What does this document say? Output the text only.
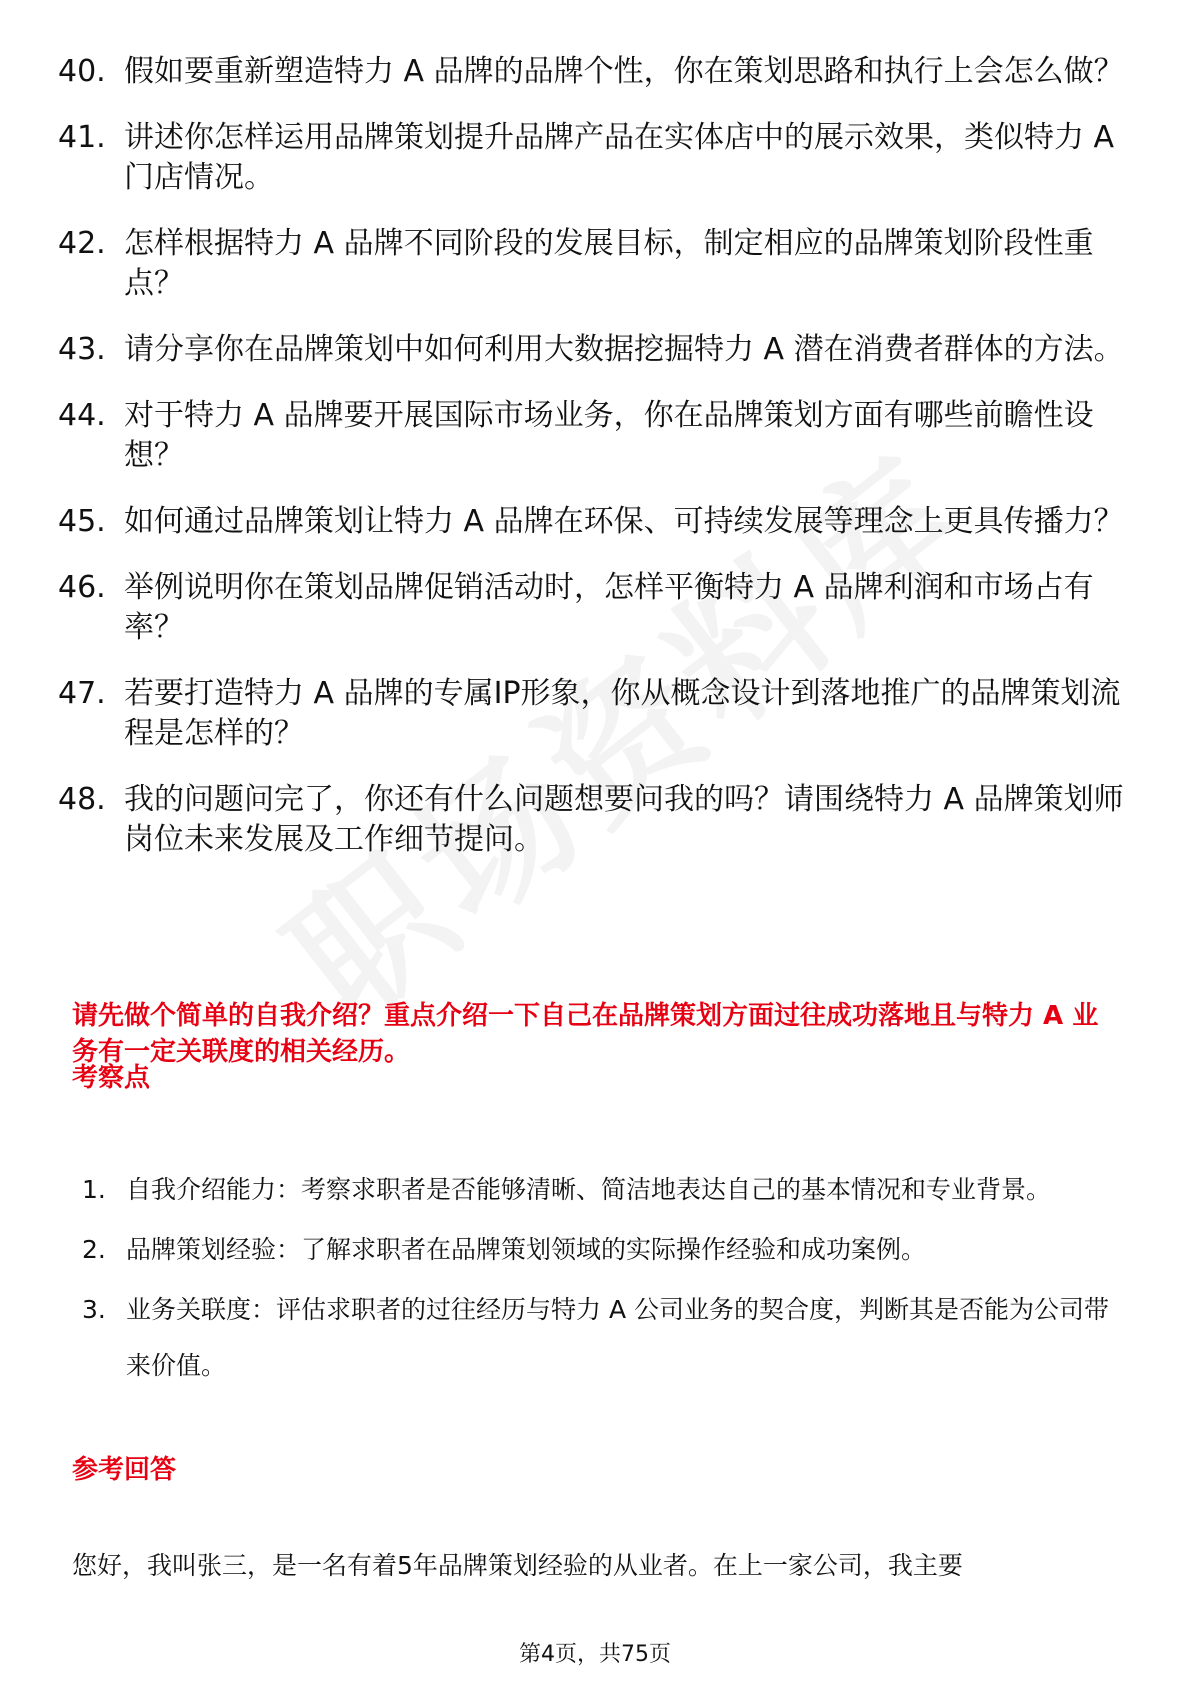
40. 假如要重新塑造特力 A 品牌的品牌个性，你在策划思路和执行上会怎么做？
41. 讲述你怎样运用品牌策划提升品牌产品在实体店中的展示效果，类似特力 A 门店情况。
42. 怎样根据特力 A 品牌不同阶段的发展目标，制定相应的品牌策划阶段性重点？
43. 请分享你在品牌策划中如何利用大数据挖掘特力 A 潜在消费者群体的方法。
44. 对于特力 A 品牌要开展国际市场业务，你在品牌策划方面有哪些前瞻性设想？
45. 如何通过品牌策划让特力 A 品牌在环保、可持续发展等理念上更具传播力？
46. 举例说明你在策划品牌促销活动时，怎样平衡特力 A 品牌利润和市场占有率？
47. 若要打造特力 A 品牌的专属IP形象，你从概念设计到落地推广的品牌策划流程是怎样的？
48. 我的问题问完了，你还有什么问题想要问我的吗？请围绕特力 A 品牌策划师岗位未来发展及工作细节提问。
请先做个简单的自我介绍？重点介绍一下自己在品牌策划方面过往成功落地且与特力 A 业务有一定关联度的相关经历。
考察点
1. 自我介绍能力：考察求职者是否能够清晰、简洁地表达自己的基本情况和专业背景。
2. 品牌策划经验：了解求职者在品牌策划领域的实际操作经验和成功案例。
3. 业务关联度：评估求职者的过往经历与特力 A 公司业务的契合度，判断其是否能为公司带来价值。
参考回答
您好，我叫张三，是一名有着5年品牌策划经验的从业者。在上一家公司，我主要
第4页，共75页
